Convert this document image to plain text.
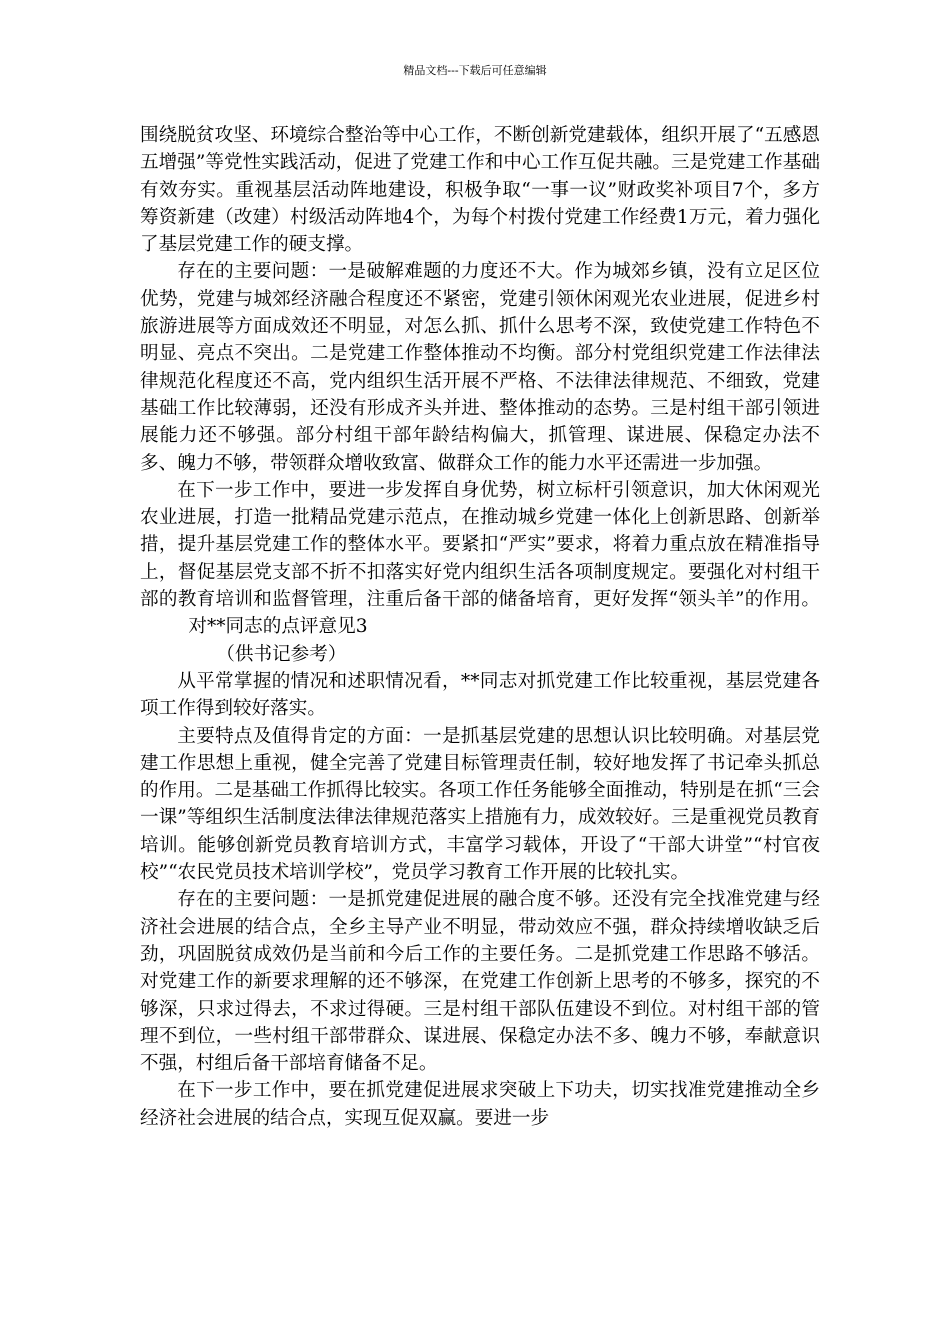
精品文档---下载后可任意编辑

围绕脱贫攻坚、环境综合整治等中心工作，不断创新党建载体，组织开展了“五感恩五增强”等党性实践活动，促进了党建工作和中心工作互促共融。三是党建工作基础有效夯实。重视基层活动阵地建设，积极争取“一事一议”财政奖补项目7个，多方筹资新建（改建）村级活动阵地4个，为每个村拨付党建工作经费1万元，着力强化了基层党建工作的硬支撑。

存在的主要问题：一是破解难题的力度还不大。作为城郊乡镇，没有立足区位优势，党建与城郊经济融合程度还不紧密，党建引领休闲观光农业进展，促进乡村旅游进展等方面成效还不明显，对怎么抓、抓什么思考不深，致使党建工作特色不明显、亮点不突出。二是党建工作整体推动不均衡。部分村党组织党建工作法律法律规范化程度还不高，党内组织生活开展不严格、不法律法律规范、不细致，党建基础工作比较薄弱，还没有形成齐头并进、整体推动的态势。三是村组干部引领进展能力还不够强。部分村组干部年龄结构偏大，抓管理、谋进展、保稳定办法不多、魄力不够，带领群众增收致富、做群众工作的能力水平还需进一步加强。

在下一步工作中，要进一步发挥自身优势，树立标杆引领意识，加大休闲观光农业进展，打造一批精品党建示范点，在推动城乡党建一体化上创新思路、创新举措，提升基层党建工作的整体水平。要紧扣“严实”要求，将着力重点放在精准指导上，督促基层党支部不折不扣落实好党内组织生活各项制度规定。要强化对村组干部的教育培训和监督管理，注重后备干部的储备培育，更好发挥“领头羊”的作用。对**同志的点评意见3

（供书记参考）

从平常掌握的情况和述职情况看，**同志对抓党建工作比较重视，基层党建各项工作得到较好落实。

主要特点及值得肯定的方面：一是抓基层党建的思想认识比较明确。对基层党建工作思想上重视，健全完善了党建目标管理责任制，较好地发挥了书记牵头抓总的作用。二是基础工作抓得比较实。各项工作任务能够全面推动，特别是在抓“三会一课”等组织生活制度法律法律规范落实上措施有力，成效较好。三是重视党员教育培训。能够创新党员教育培训方式，丰富学习载体，开设了“干部大讲堂”“村官夜校”“农民党员技术培训学校”，党员学习教育工作开展的比较扎实。

存在的主要问题：一是抓党建促进展的融合度不够。还没有完全找准党建与经济社会进展的结合点，全乡主导产业不明显，带动效应不强，群众持续增收缺乏后劲，巩固脱贫成效仍是当前和今后工作的主要任务。二是抓党建工作思路不够活。对党建工作的新要求理解的还不够深，在党建工作创新上思考的不够多，探究的不够深，只求过得去，不求过得硬。三是村组干部队伍建设不到位。对村组干部的管理不到位，一些村组干部带群众、谋进展、保稳定办法不多、魄力不够，奉献意识不强，村组后备干部培育储备不足。

在下一步工作中，要在抓党建促进展求突破上下功夫，切实找准党建推动全乡经济社会进展的结合点，实现互促双赢。要进一步
